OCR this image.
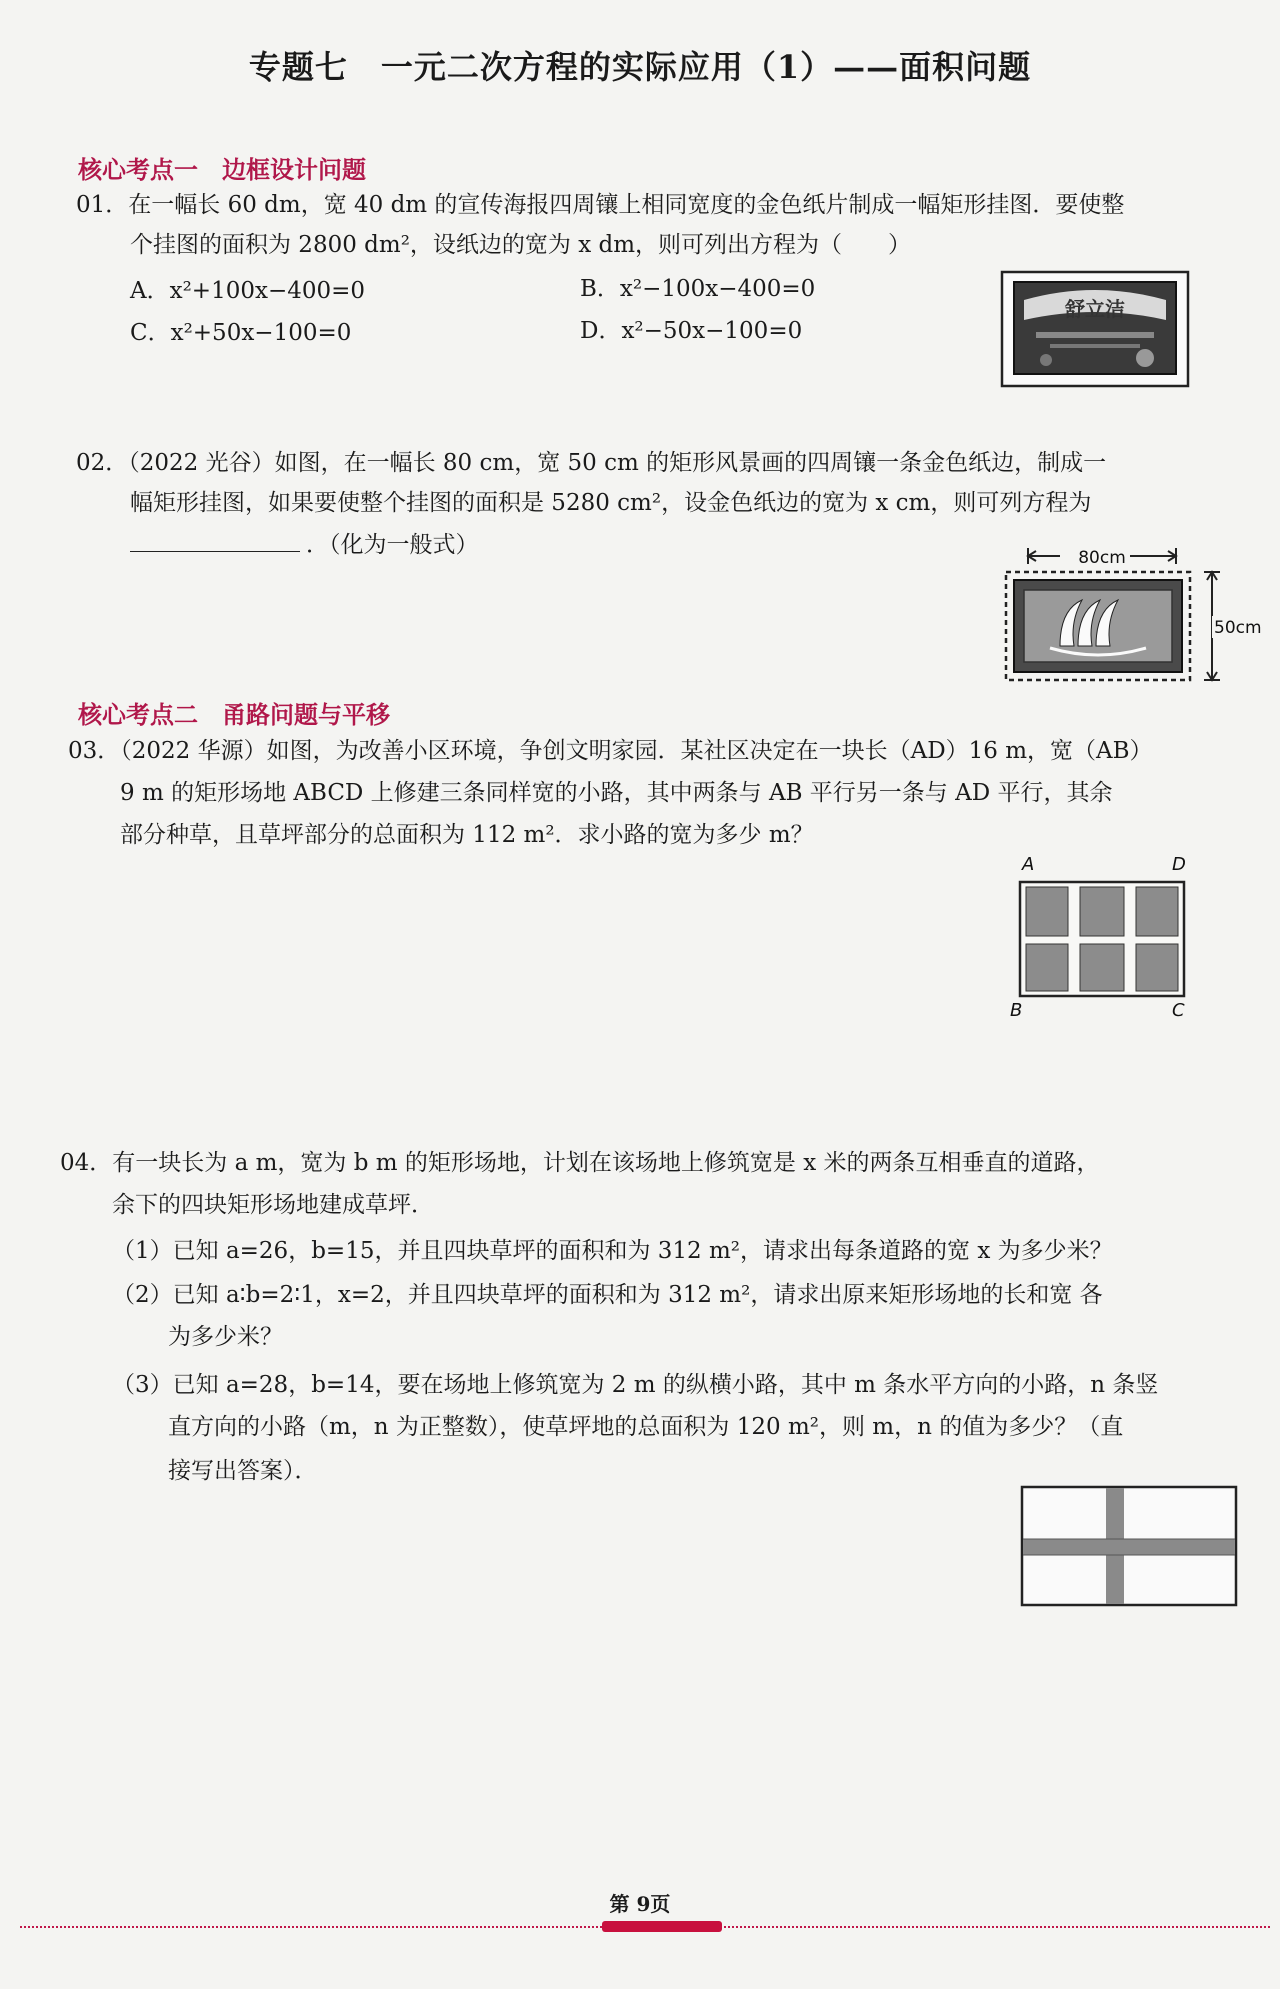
专题七　一元二次方程的实际应用（1）——面积问题
核心考点一　边框设计问题
01．在一幅长 60 dm，宽 40 dm 的宣传海报四周镶上相同宽度的金色纸片制成一幅矩形挂图．要使整
个挂图的面积为 2800 dm²，设纸边的宽为 x dm，则可列出方程为（　　）
A．x²+100x−400=0	B．x²−100x−400=0
C．x²+50x−100=0	D．x²−50x−100=0
舒立洁
02．（2022 光谷）如图，在一幅长 80 cm，宽 50 cm 的矩形风景画的四周镶一条金色纸边，制成一
幅矩形挂图，如果要使整个挂图的面积是 5280 cm²，设金色纸边的宽为 x cm，则可列方程为
．（化为一般式）	80cm
50cm
核心考点二　甬路问题与平移
03．（2022 华源）如图，为改善小区环境，争创文明家园．某社区决定在一块长（AD）16 m，宽（AB）
9 m 的矩形场地 ABCD 上修建三条同样宽的小路，其中两条与 AB 平行另一条与 AD 平行，其余
部分种草，且草坪部分的总面积为 112 m²．求小路的宽为多少 m？
A	D
B	C
04．有一块长为 a m，宽为 b m 的矩形场地，计划在该场地上修筑宽是 x 米的两条互相垂直的道路，
余下的四块矩形场地建成草坪．
（1）已知 a=26，b=15，并且四块草坪的面积和为 312 m²，请求出每条道路的宽 x 为多少米？
（2）已知 a∶b=2∶1，x=2，并且四块草坪的面积和为 312 m²，请求出原来矩形场地的长和宽 各
为多少米？
（3）已知 a=28，b=14，要在场地上修筑宽为 2 m 的纵横小路，其中 m 条水平方向的小路，n 条竖
直方向的小路（m，n 为正整数），使草坪地的总面积为 120 m²，则 m，n 的值为多少？（直
接写出答案）．
第 9页
